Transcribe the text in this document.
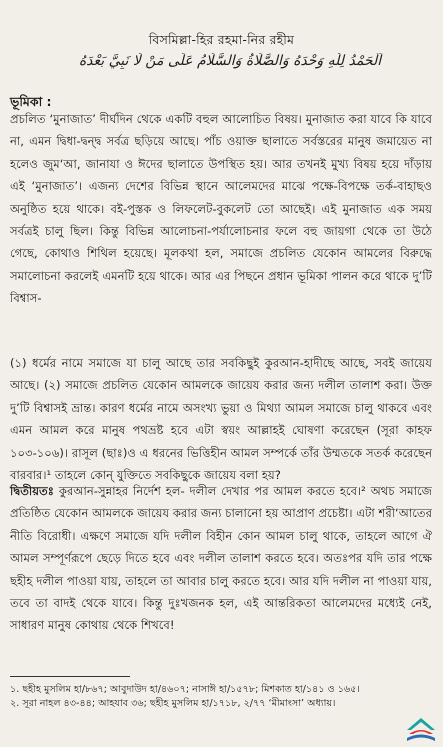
বিসমিল্লা-হির রহমা-নির রহীম
اَلْحَمْدُ لِلّٰهِ وَحْدَهُ وَالصَّلَاةُ وَالسَّلَامُ عَلَى مَنْ لَا نَبِيَّ بَعْدَهُ
ভূমিকা :
প্রচলিত ‘মুনাজাত’ দীর্ঘদিন থেকে একটি বহুল আলোচিত বিষয়। মুনাজাত করা যাবে কি যাবে না, এমন দ্বিধা-দ্বন্দ্ব সর্বত্র ছড়িয়ে আছে। পাঁচ ওয়াক্ত ছালাতে সর্বস্তরের মানুষ জমায়েত না হলেও জুম‘আ, জানাযা ও ঈদের ছালাতে উপস্থিত হয়। আর তখনই মুখ্য বিষয় হয়ে দাঁড়ায় এই ‘মুনাজাত’। এজন্য দেশের বিভিন্ন স্থানে আলেমদের মাঝে পক্ষে-বিপক্ষে তর্ক-বাহাছও অনুষ্ঠিত হয়ে থাকে। বই-পুস্তক ও লিফলেট-বুকলেট তো আছেই। এই মুনাজাত এক সময় সর্বত্রই চালু ছিল। কিন্তু বিভিন্ন আলোচনা-পর্যালোচনার ফলে বহু জায়গা থেকে তা উঠে গেছে, কোথাও শিথিল হয়েছে। মূলকথা হল, সমাজে প্রচলিত যেকোন আমলের বিরুদ্ধে সমালোচনা করলেই এমনটি হয়ে থাকে। আর এর পিছনে প্রধান ভূমিকা পালন করে থাকে দু’টি বিশ্বাস-
(১) ধর্মের নামে সমাজে যা চালু আছে তার সবকিছুই কুরআন-হাদীছে আছে, সবই জায়েয আছে। (২) সমাজে প্রচলিত যেকোন আমলকে জায়েয করার জন্য দলীল তালাশ করা। উক্ত দু’টি বিশ্বাসই ভ্রান্ত। কারণ ধর্মের নামে অসংখ্য ভুয়া ও মিথ্যা আমল সমাজে চালু থাকবে এবং এমন আমল করে মানুষ পথভ্রষ্ট হবে এটা স্বয়ং আল্লাহই ঘোষণা করেছেন (সূরা কাহফ ১০৩-১০৬)। রাসূল (ছাঃ)ও এ ধরনের ভিত্তিহীন আমল সম্পর্কে তাঁর উম্মতকে সতর্ক করেছেন বারবার।¹ তাহলে কোন্ যুক্তিতে সবকিছুকে জায়েয বলা হয়?
দ্বিতীয়তঃ কুরআন-সুন্নাহর নির্দেশ হল- দলীল দেখার পর আমল করতে হবে।² অথচ সমাজে প্রতিষ্ঠিত যেকোন আমলকে জায়েয করার জন্য চালানো হয় আপ্রাণ প্রচেষ্টা। এটা শরী‘আতের নীতি বিরোধী। এক্ষণে সমাজে যদি দলীল বিহীন কোন আমল চালু থাকে, তাহলে আগে ঐ আমল সম্পূর্ণরূপে ছেড়ে দিতে হবে এবং দলীল তালাশ করতে হবে। অতঃপর যদি তার পক্ষে ছহীহ দলীল পাওয়া যায়, তাহলে তা আবার চালু করতে হবে। আর যদি দলীল না পাওয়া যায়, তবে তা বাদই থেকে যাবে। কিন্তু দুঃখজনক হল, এই আন্তরিকতা আলেমদের মধ্যেই নেই, সাধারণ মানুষ কোথায় থেকে শিখবে!
১. ছহীহ মুসলিম হা/৮৬৭; আবুদাউদ হা/৪৬০৭; নাসাঈ হা/১৫৭৮; মিশকাত হা/১৪১ ও ১৬৫।
২. সূরা নাহল ৪৩-৪৪; আহযাব ৩৬; ছহীহ মুসলিম হা/১৭১৮, ২/৭৭ ‘মীমাংসা’ অধ্যায়।
